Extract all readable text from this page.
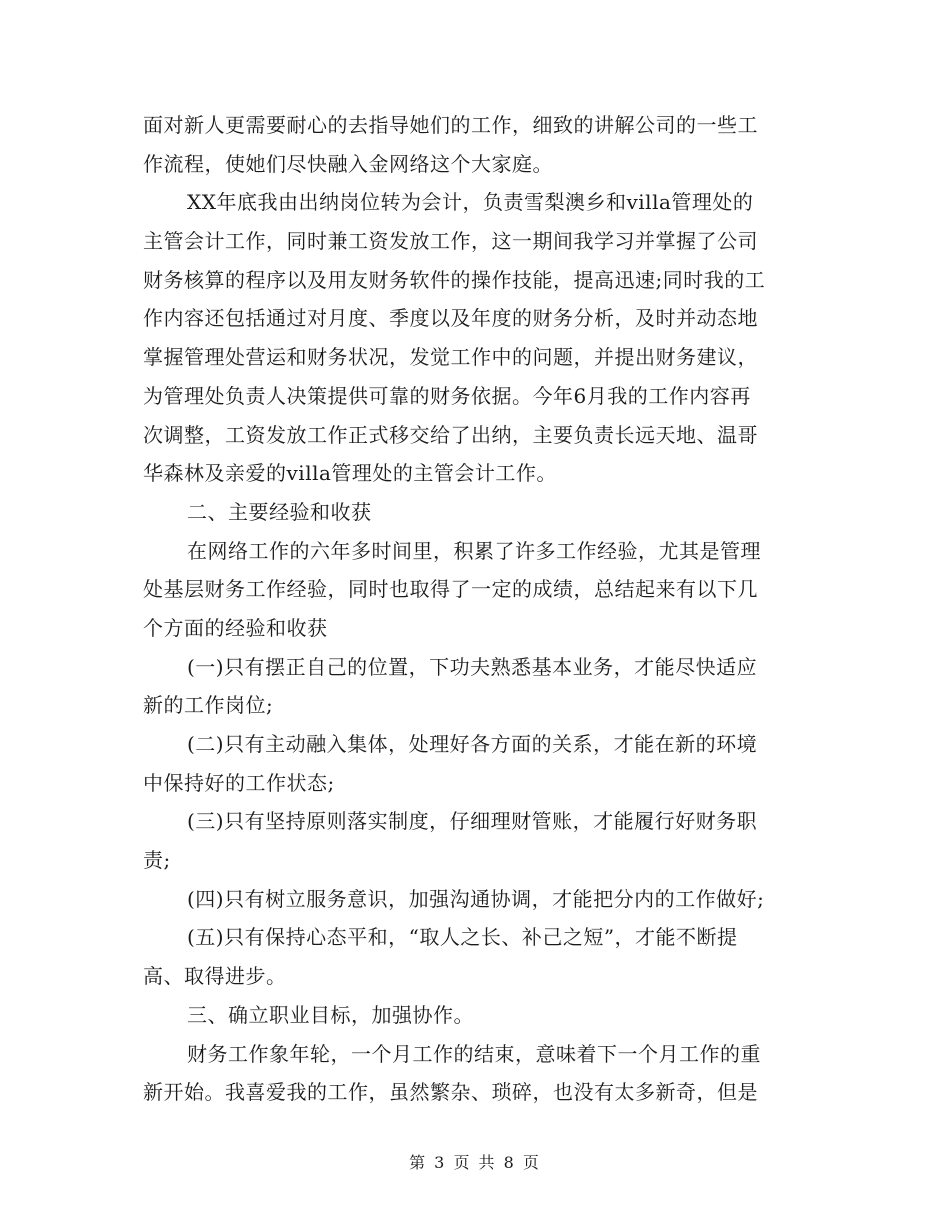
面对新人更需要耐心的去指导她们的工作，细致的讲解公司的一些工
作流程，使她们尽快融入金网络这个大家庭。
XX年底我由出纳岗位转为会计，负责雪梨澳乡和villa管理处的
主管会计工作，同时兼工资发放工作，这一期间我学习并掌握了公司
财务核算的程序以及用友财务软件的操作技能，提高迅速;同时我的工
作内容还包括通过对月度、季度以及年度的财务分析，及时并动态地
掌握管理处营运和财务状况，发觉工作中的问题，并提出财务建议，
为管理处负责人决策提供可靠的财务依据。今年6月我的工作内容再
次调整，工资发放工作正式移交给了出纳，主要负责长远天地、温哥
华森林及亲爱的villa管理处的主管会计工作。
二、主要经验和收获
在网络工作的六年多时间里，积累了许多工作经验，尤其是管理
处基层财务工作经验，同时也取得了一定的成绩，总结起来有以下几
个方面的经验和收获
(一)只有摆正自己的位置，下功夫熟悉基本业务，才能尽快适应
新的工作岗位;
(二)只有主动融入集体，处理好各方面的关系，才能在新的环境
中保持好的工作状态;
(三)只有坚持原则落实制度，仔细理财管账，才能履行好财务职
责;
(四)只有树立服务意识，加强沟通协调，才能把分内的工作做好;
(五)只有保持心态平和，“取人之长、补己之短”，才能不断提
高、取得进步。
三、确立职业目标，加强协作。
财务工作象年轮，一个月工作的结束，意味着下一个月工作的重
新开始。我喜爱我的工作，虽然繁杂、琐碎，也没有太多新奇，但是
第 3 页 共 8 页
